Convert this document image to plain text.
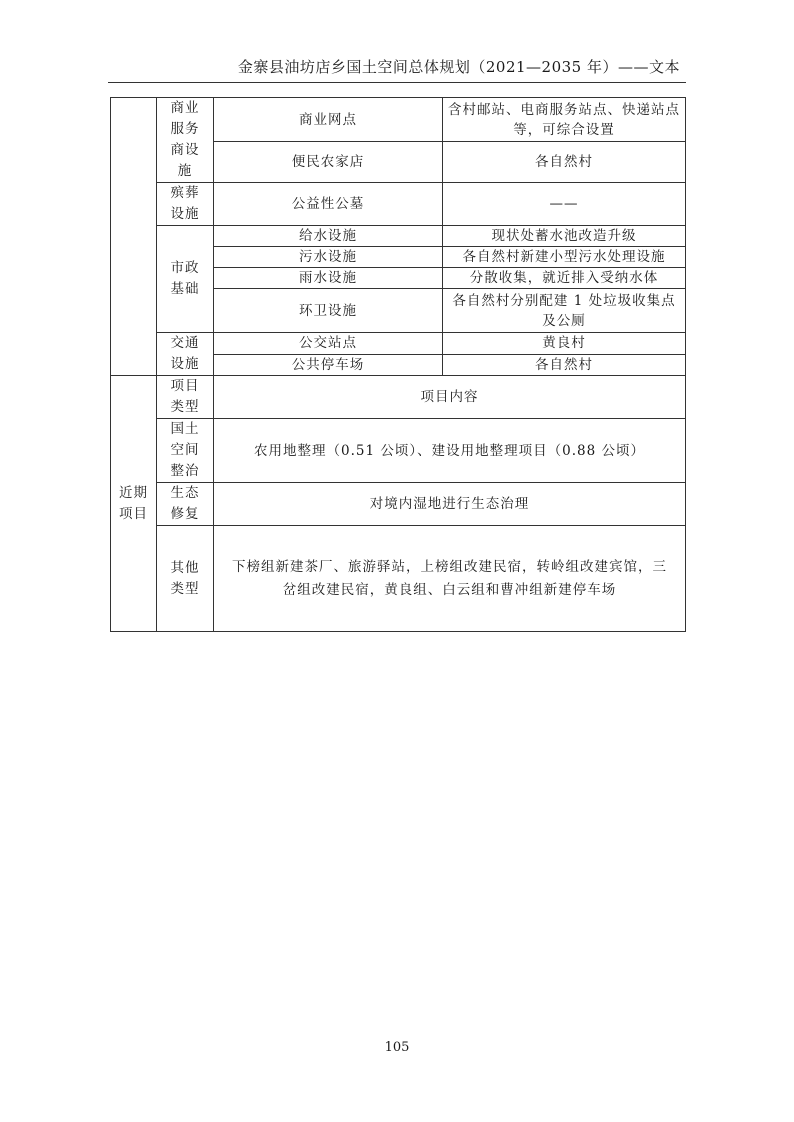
金寨县油坊店乡国土空间总体规划（2021—2035 年）——文本
	商业服务商设施	商业网点	含村邮站、电商服务站点、快递站点等，可综合设置
		便民农家店	各自然村
	殡葬设施	公益性公墓	——
	市政基础	给水设施	现状处蓄水池改造升级
		污水设施	各自然村新建小型污水处理设施
		雨水设施	分散收集，就近排入受纳水体
		环卫设施	各自然村分别配建 1 处垃圾收集点及公厕
	交通设施	公交站点	黄良村
		公共停车场	各自然村
近期项目	项目类型	项目内容	
	国土空间整治	农用地整理（0.51 公顷）、建设用地整理项目（0.88 公顷）	
	生态修复	对境内湿地进行生态治理	
	其他类型	下榜组新建茶厂、旅游驿站，上榜组改建民宿，转岭组改建宾馆，三岔组改建民宿，黄良组、白云组和曹冲组新建停车场	
105
